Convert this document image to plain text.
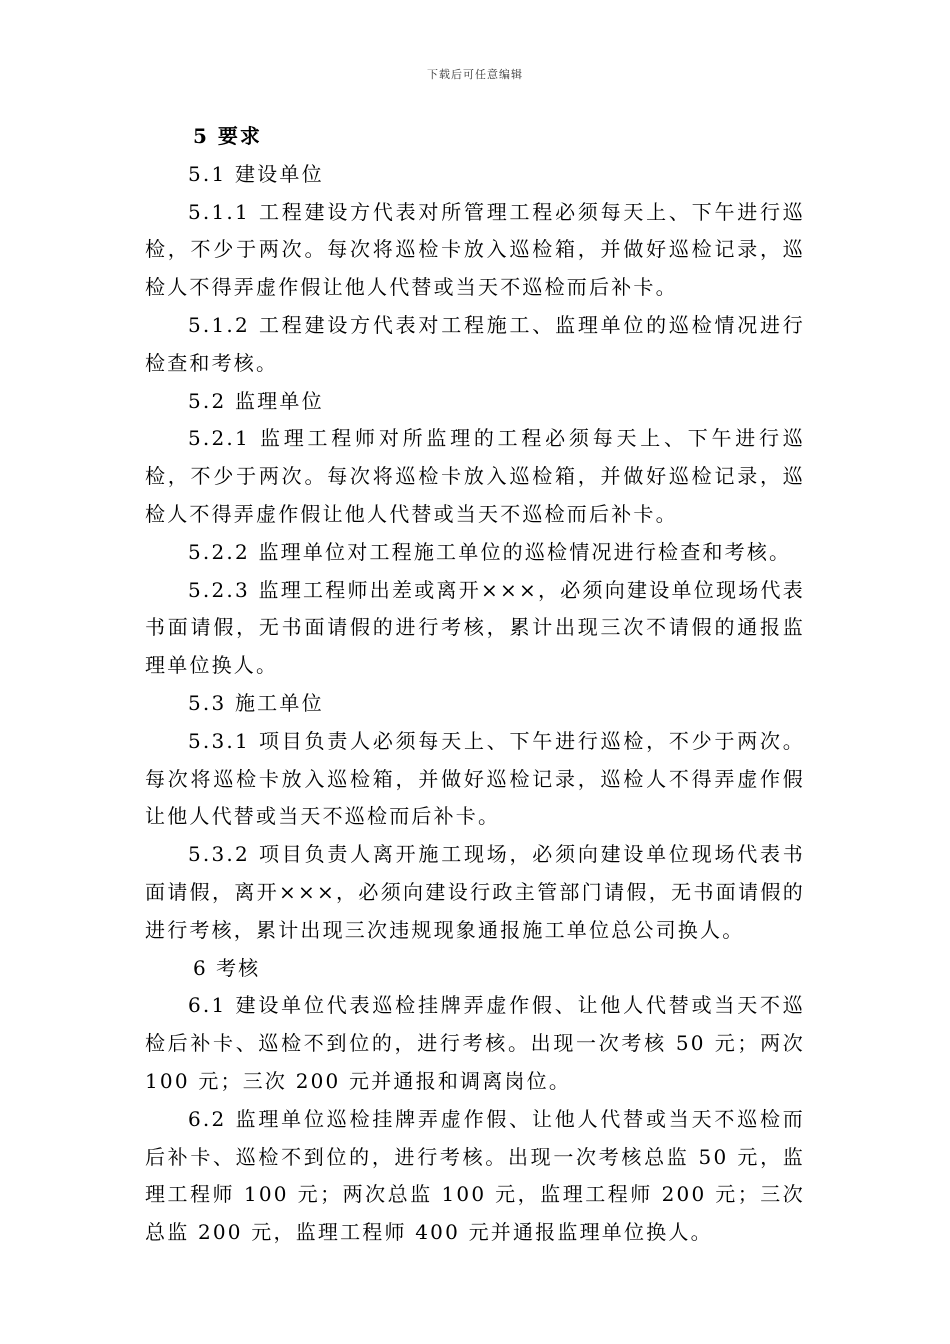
下载后可任意编辑

5 要求

5.1 建设单位

5.1.1 工程建设方代表对所管理工程必须每天上、下午进行巡检，不少于两次。每次将巡检卡放入巡检箱，并做好巡检记录，巡检人不得弄虚作假让他人代替或当天不巡检而后补卡。

5.1.2 工程建设方代表对工程施工、监理单位的巡检情况进行检查和考核。

5.2 监理单位

5.2.1 监理工程师对所监理的工程必须每天上、下午进行巡检，不少于两次。每次将巡检卡放入巡检箱，并做好巡检记录，巡检人不得弄虚作假让他人代替或当天不巡检而后补卡。

5.2.2 监理单位对工程施工单位的巡检情况进行检查和考核。

5.2.3 监理工程师出差或离开×××，必须向建设单位现场代表书面请假，无书面请假的进行考核，累计出现三次不请假的通报监理单位换人。

5.3 施工单位

5.3.1 项目负责人必须每天上、下午进行巡检，不少于两次。每次将巡检卡放入巡检箱，并做好巡检记录，巡检人不得弄虚作假让他人代替或当天不巡检而后补卡。

5.3.2 项目负责人离开施工现场，必须向建设单位现场代表书面请假，离开×××，必须向建设行政主管部门请假，无书面请假的进行考核，累计出现三次违规现象通报施工单位总公司换人。

6 考核

6.1 建设单位代表巡检挂牌弄虚作假、让他人代替或当天不巡检后补卡、巡检不到位的，进行考核。出现一次考核 50 元；两次 100 元；三次 200 元并通报和调离岗位。

6.2 监理单位巡检挂牌弄虚作假、让他人代替或当天不巡检而后补卡、巡检不到位的，进行考核。出现一次考核总监 50 元，监理工程师 100 元；两次总监 100 元，监理工程师 200 元；三次总监 200 元，监理工程师 400 元并通报监理单位换人。
